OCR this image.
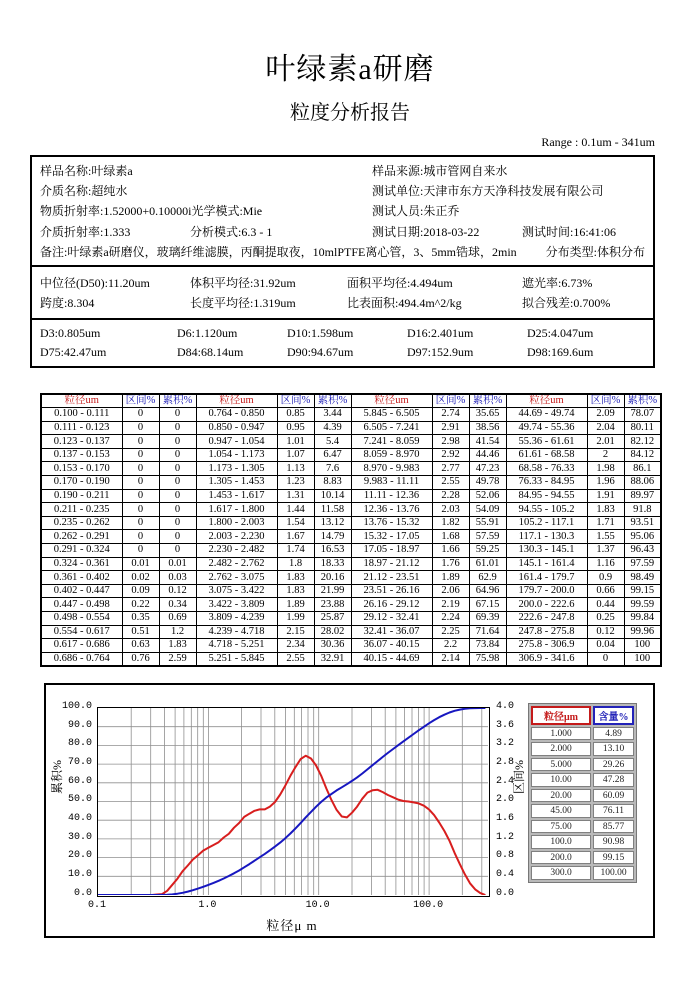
叶绿素a研磨
粒度分析报告
Range : 0.1um - 341um
样品名称:叶绿素a	样品来源:城市管网自来水
介质名称:超纯水	测试单位:天津市东方天净科技发展有限公司
物质折射率:1.52000+0.10000i光学模式:Mie	测试人员:朱正乔
介质折射率:1.333	分析模式:6.3 - 1	测试日期:2018-03-22	测试时间:16:41:06
备注:叶绿素a研磨仪，玻璃纤维滤膜，丙酮提取夜，10mlPTFE离心管，3、5mm锆球，2min 分布类型:体积分布
中位径(D50):11.20um	体积平均径:31.92um	面积平均径:4.494um	遮光率:6.73%
跨度:8.304	长度平均径:1.319um	比表面积:494.4m^2/kg	拟合残差:0.700%
D3:0.805um	D6:1.120um	D10:1.598um	D16:2.401um	D25:4.047um
D75:42.47um	D84:68.14um	D90:94.67um	D97:152.9um	D98:169.6um
粒径um	区间%	累积%	粒径um	区间%	累积%	粒径um	区间%	累积%	粒径um	区间%	累积%
0.100 - 0.111	0	0	0.764 - 0.850	0.85	3.44	5.845 - 6.505	2.74	35.65	44.69 - 49.74	2.09	78.07
0.111 - 0.123	0	0	0.850 - 0.947	0.95	4.39	6.505 - 7.241	2.91	38.56	49.74 - 55.36	2.04	80.11
0.123 - 0.137	0	0	0.947 - 1.054	1.01	5.4	7.241 - 8.059	2.98	41.54	55.36 - 61.61	2.01	82.12
0.137 - 0.153	0	0	1.054 - 1.173	1.07	6.47	8.059 - 8.970	2.92	44.46	61.61 - 68.58	2	84.12
0.153 - 0.170	0	0	1.173 - 1.305	1.13	7.6	8.970 - 9.983	2.77	47.23	68.58 - 76.33	1.98	86.1
0.170 - 0.190	0	0	1.305 - 1.453	1.23	8.83	9.983 - 11.11	2.55	49.78	76.33 - 84.95	1.96	88.06
0.190 - 0.211	0	0	1.453 - 1.617	1.31	10.14	11.11 - 12.36	2.28	52.06	84.95 - 94.55	1.91	89.97
0.211 - 0.235	0	0	1.617 - 1.800	1.44	11.58	12.36 - 13.76	2.03	54.09	94.55 - 105.2	1.83	91.8
0.235 - 0.262	0	0	1.800 - 2.003	1.54	13.12	13.76 - 15.32	1.82	55.91	105.2 - 117.1	1.71	93.51
0.262 - 0.291	0	0	2.003 - 2.230	1.67	14.79	15.32 - 17.05	1.68	57.59	117.1 - 130.3	1.55	95.06
0.291 - 0.324	0	0	2.230 - 2.482	1.74	16.53	17.05 - 18.97	1.66	59.25	130.3 - 145.1	1.37	96.43
0.324 - 0.361	0.01	0.01	2.482 - 2.762	1.8	18.33	18.97 - 21.12	1.76	61.01	145.1 - 161.4	1.16	97.59
0.361 - 0.402	0.02	0.03	2.762 - 3.075	1.83	20.16	21.12 - 23.51	1.89	62.9	161.4 - 179.7	0.9	98.49
0.402 - 0.447	0.09	0.12	3.075 - 3.422	1.83	21.99	23.51 - 26.16	2.06	64.96	179.7 - 200.0	0.66	99.15
0.447 - 0.498	0.22	0.34	3.422 - 3.809	1.89	23.88	26.16 - 29.12	2.19	67.15	200.0 - 222.6	0.44	99.59
0.498 - 0.554	0.35	0.69	3.809 - 4.239	1.99	25.87	29.12 - 32.41	2.24	69.39	222.6 - 247.8	0.25	99.84
0.554 - 0.617	0.51	1.2	4.239 - 4.718	2.15	28.02	32.41 - 36.07	2.25	71.64	247.8 - 275.8	0.12	99.96
0.617 - 0.686	0.63	1.83	4.718 - 5.251	2.34	30.36	36.07 - 40.15	2.2	73.84	275.8 - 306.9	0.04	100
0.686 - 0.764	0.76	2.59	5.251 - 5.845	2.55	32.91	40.15 - 44.69	2.14	75.98	306.9 - 341.6	0	100
100.0
90.0
80.0
70.0
60.0
50.0
40.0
30.0
20.0
10.0
0.0
4.0
3.6
3.2
2.8
2.4
2.0
1.6
1.2
0.8
0.4
0.0
0.1	1.0	10.0	100.0
累积%	区间%
粒径μ m
粒径μm	含量%
1.000	4.89
2.000	13.10
5.000	29.26
10.00	47.28
20.00	60.09
45.00	76.11
75.00	85.77
100.0	90.98
200.0	99.15
300.0	100.00
